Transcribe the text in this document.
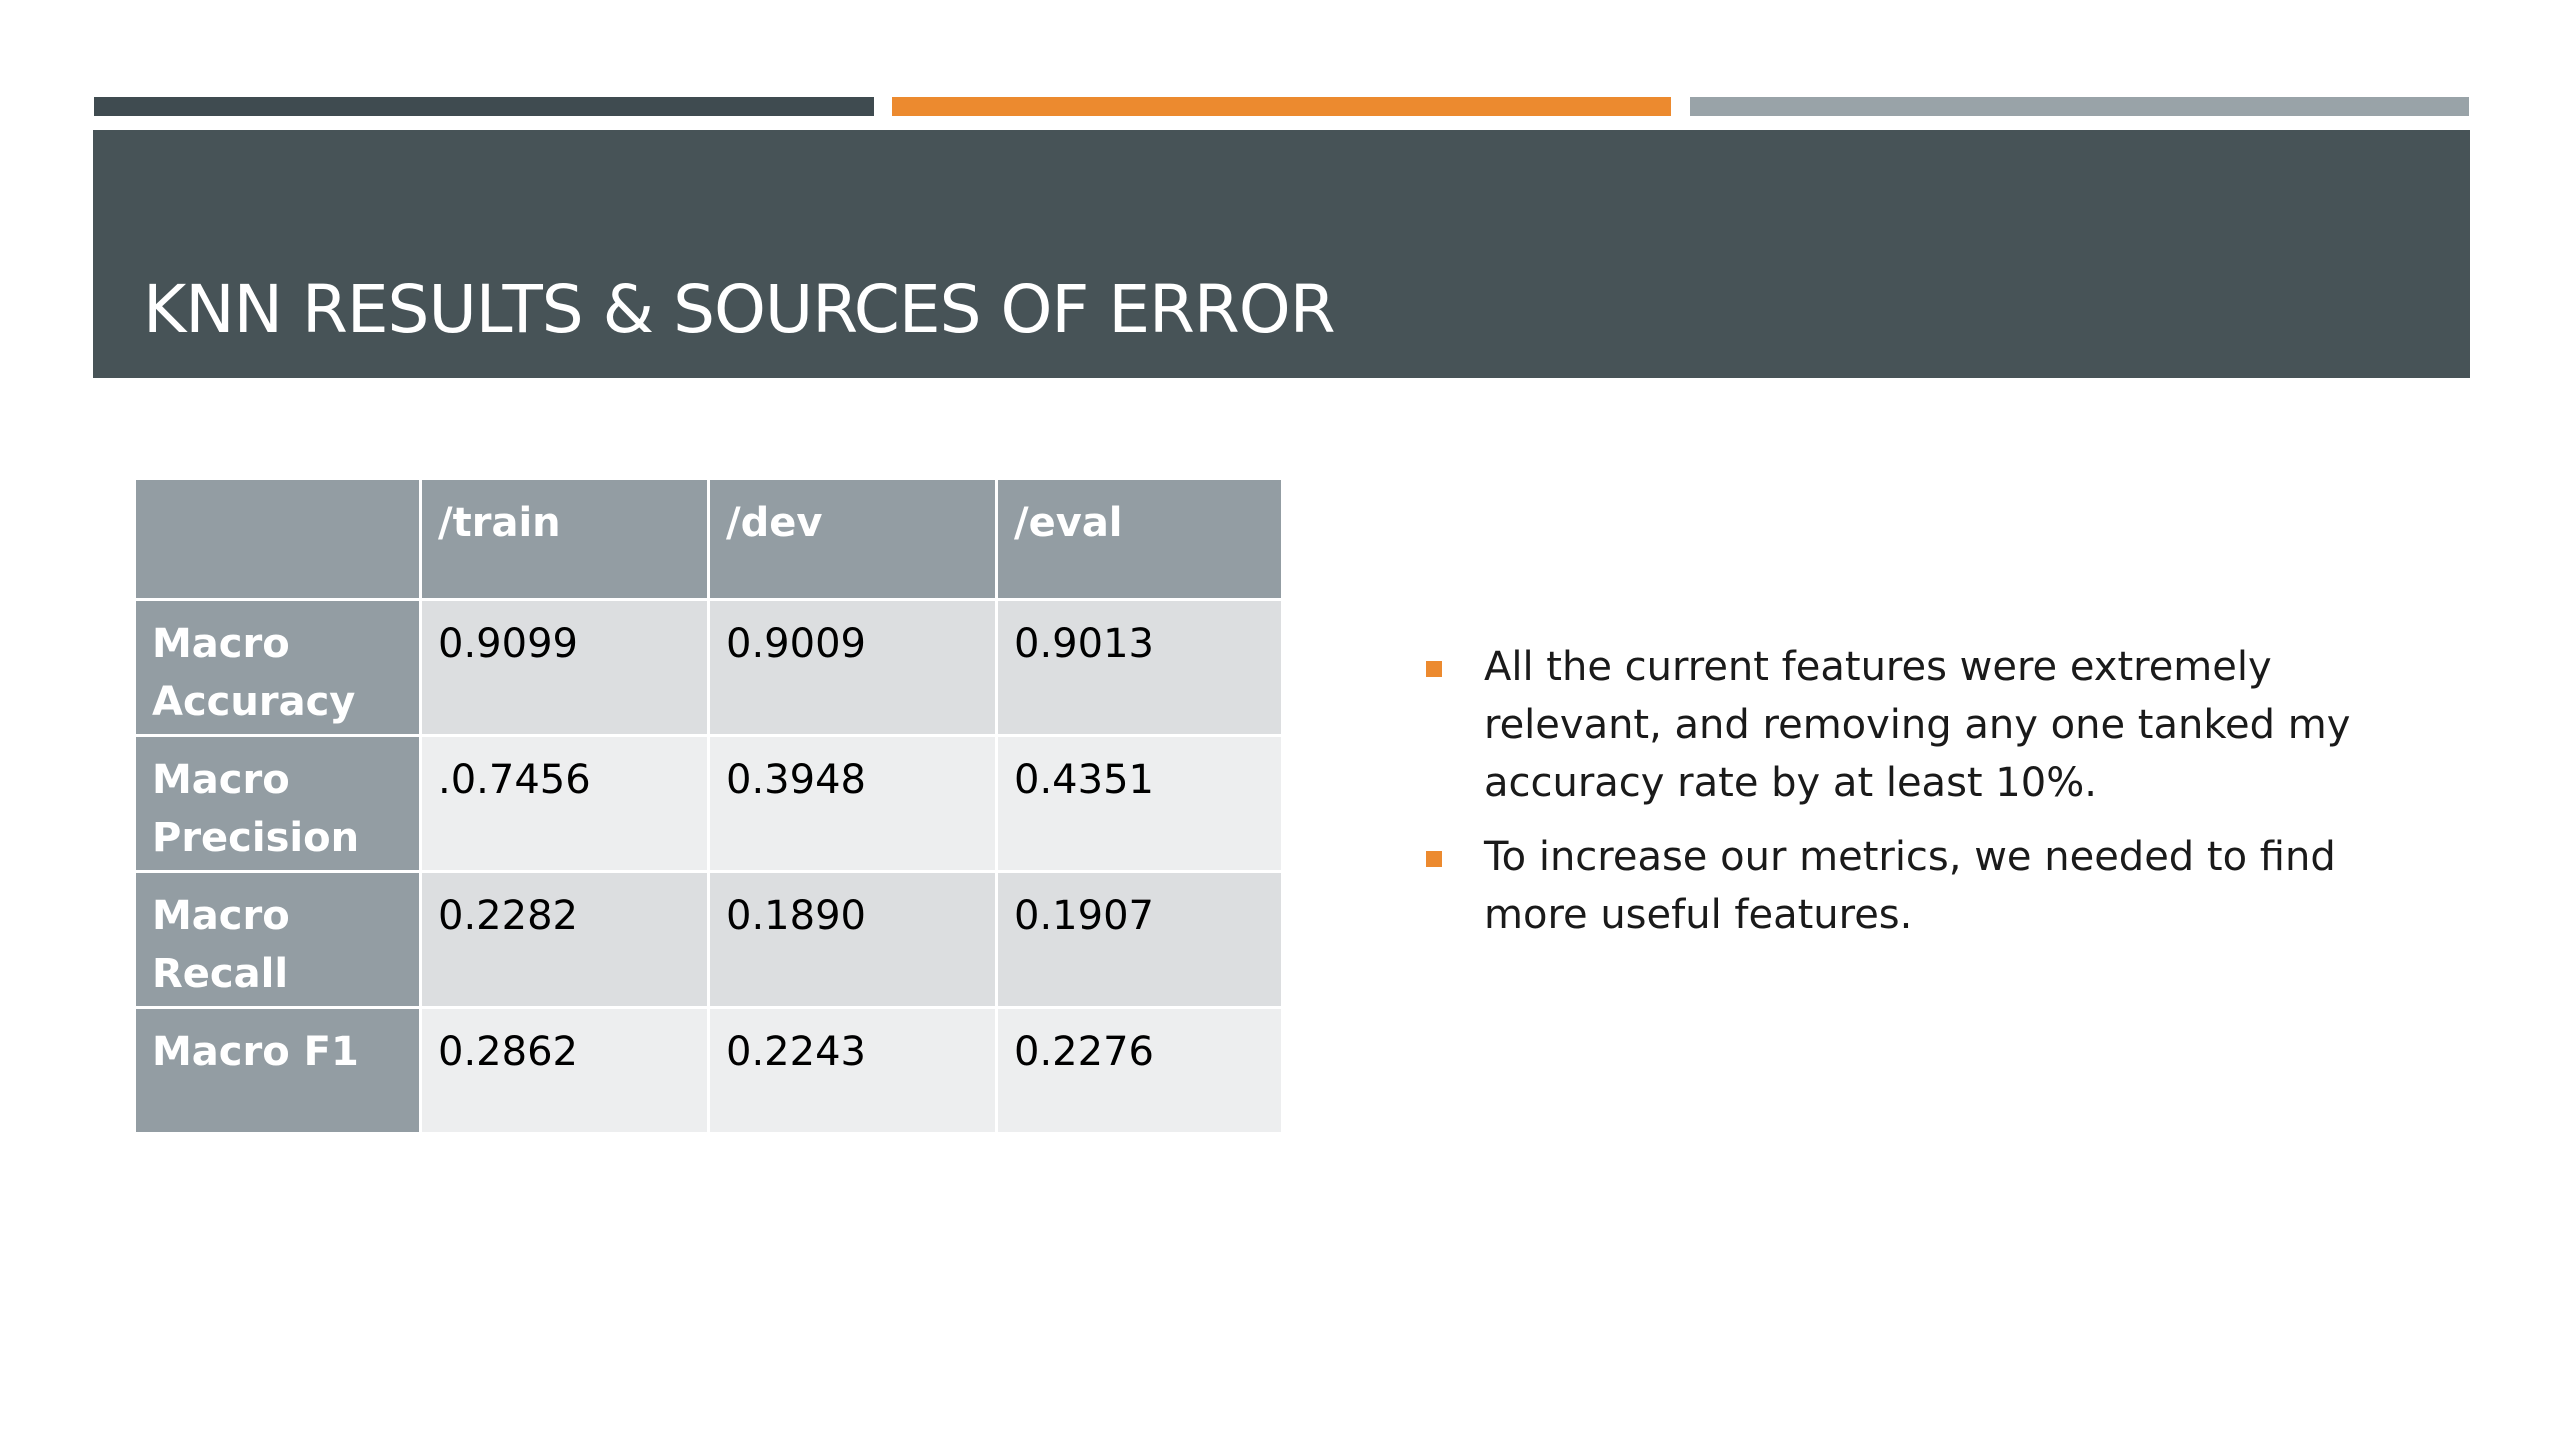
KNN RESULTS & SOURCES OF ERROR
	/train	/dev	/eval
Macro Accuracy	0.9099	0.9009	0.9013
Macro Precision	.0.7456	0.3948	0.4351
Macro Recall	0.2282	0.1890	0.1907
Macro F1	0.2862	0.2243	0.2276
All the current features were extremely relevant, and removing any one tanked my accuracy rate by at least 10%.
To increase our metrics, we needed to find more useful features.
